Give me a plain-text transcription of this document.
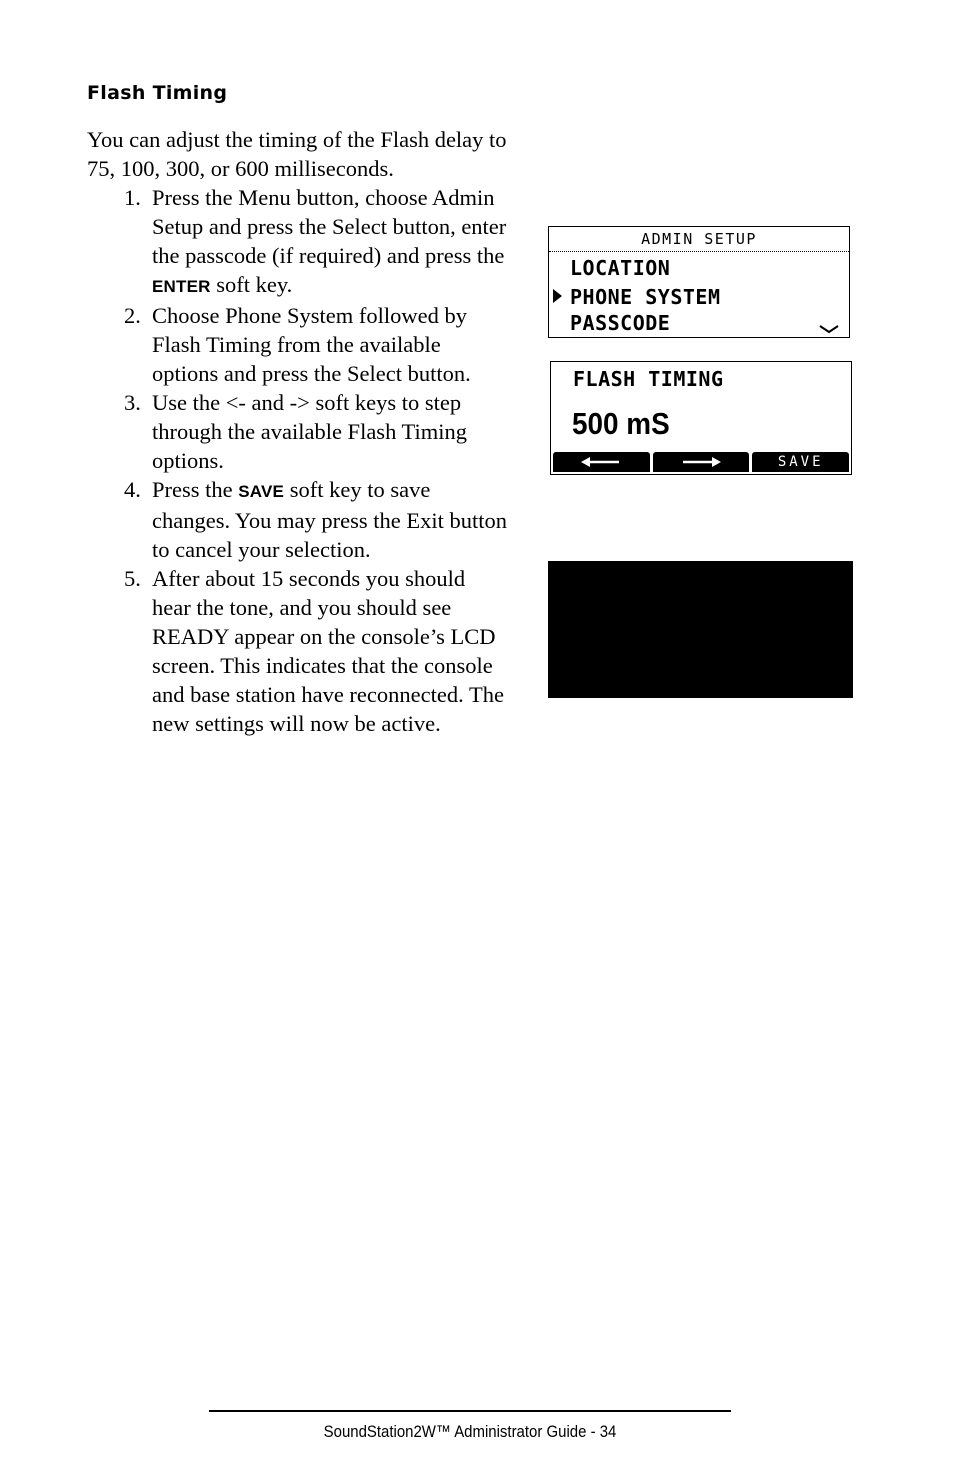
Flash Timing

You can adjust the timing of the Flash delay to 75, 100, 300, or 600 milliseconds.

1. Press the Menu button, choose Admin Setup and press the Select button, enter the passcode (if required) and press the ENTER soft key.
2. Choose Phone System followed by Flash Timing from the available options and press the Select button.
3. Use the <- and -> soft keys to step through the available Flash Timing options.
4. Press the SAVE soft key to save changes. You may press the Exit button to cancel your selection.
5. After about 15 seconds you should hear the tone, and you should see READY appear on the console’s LCD screen. This indicates that the console and base station have reconnected. The new settings will now be active.
ADMIN SETUP
LOCATION
PHONE SYSTEM
PASSCODE
FLASH TIMING
500 mS
SAVE
SoundStation2W™ Administrator Guide - 34
